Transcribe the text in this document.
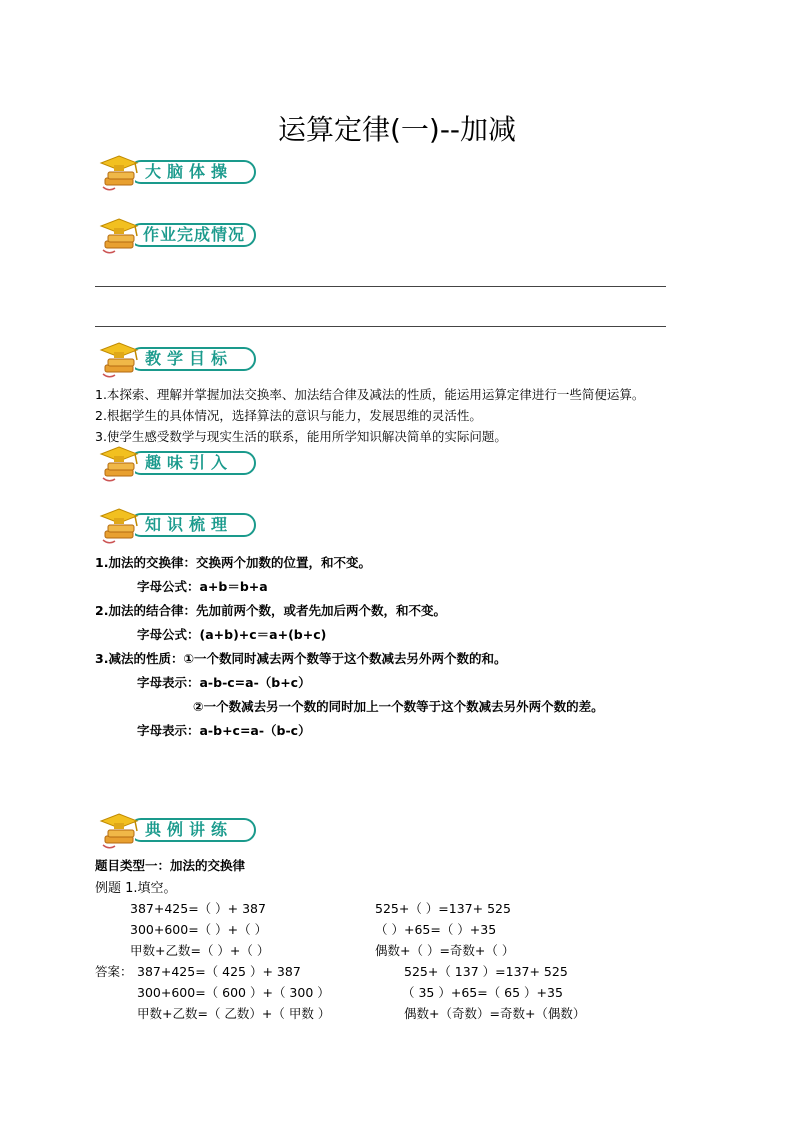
运算定律(一)--加减
大脑体操
作业完成情况
教学目标
1.本探索、理解并掌握加法交换率、加法结合律及减法的性质，能运用运算定律进行一些简便运算。
2.根据学生的具体情况，选择算法的意识与能力，发展思维的灵活性。
3.使学生感受数学与现实生活的联系，能用所学知识解决简单的实际问题。
趣味引入
知识梳理
1.加法的交换律：交换两个加数的位置，和不变。
字母公式：a+b＝b+a
2.加法的结合律：先加前两个数，或者先加后两个数，和不变。
字母公式：(a+b)+c＝a+(b+c)
3.减法的性质：①一个数同时减去两个数等于这个数减去另外两个数的和。
字母表示：a-b-c=a-（b+c）
②一个数减去另一个数的同时加上一个数等于这个数减去另外两个数的差。
字母表示：a-b+c=a-（b-c）
典例讲练
题目类型一：加法的交换律
例题 1.填空。
387+425=（ ）+ 387	525+（ ）=137+ 525
300+600=（ ）+（ ）	（ ）+65=（ ）+35
甲数+乙数=（ ）+（ ）	偶数+（ ）=奇数+（ ）
答案： 387+425=（ 425 ）+ 387	525+（ 137 ）=137+ 525
300+600=（ 600 ）+（ 300 ）	（ 35 ）+65=（ 65 ）+35
甲数+乙数=（ 乙数）+（ 甲数 ）	偶数+（奇数）=奇数+（偶数）
